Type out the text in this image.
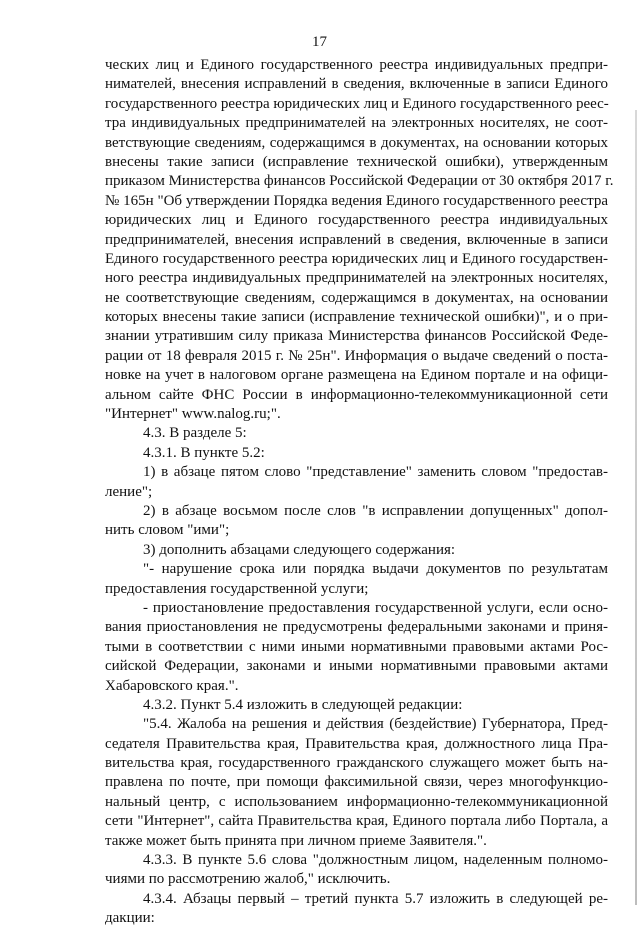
17
ческих лиц и Единого государственного реестра индивидуальных предпри-
нимателей, внесения исправлений в сведения, включенные в записи Единого
государственного реестра юридических лиц и Единого государственного реес-
тра индивидуальных предпринимателей на электронных носителях, не соот-
ветствующие сведениям, содержащимся в документах, на основании которых
внесены такие записи (исправление технической ошибки), утвержденным
приказом Министерства финансов Российской Федерации от 30 октября 2017 г.
№ 165н "Об утверждении Порядка ведения Единого государственного реестра
юридических лиц и Единого государственного реестра индивидуальных
предпринимателей, внесения исправлений в сведения, включенные в записи
Единого государственного реестра юридических лиц и Единого государствен-
ного реестра индивидуальных предпринимателей на электронных носителях,
не соответствующие сведениям, содержащимся в документах, на основании
которых внесены такие записи (исправление технической ошибки)", и о при-
знании утратившим силу приказа Министерства финансов Российской Феде-
рации от 18 февраля 2015 г. № 25н". Информация о выдаче сведений о поста-
новке на учет в налоговом органе размещена на Едином портале и на офици-
альном сайте ФНС России в информационно-телекоммуникационной сети
"Интернет" www.nalog.ru;".
4.3. В разделе 5:
4.3.1. В пункте 5.2:
1) в абзаце пятом слово "представление" заменить словом "предостав-
ление";
2) в абзаце восьмом после слов "в исправлении допущенных" допол-
нить словом "ими";
3) дополнить абзацами следующего содержания:
"- нарушение срока или порядка выдачи документов по результатам
предоставления государственной услуги;
- приостановление предоставления государственной услуги, если осно-
вания приостановления не предусмотрены федеральными законами и приня-
тыми в соответствии с ними иными нормативными правовыми актами Рос-
сийской Федерации, законами и иными нормативными правовыми актами
Хабаровского края.".
4.3.2. Пункт 5.4 изложить в следующей редакции:
"5.4. Жалоба на решения и действия (бездействие) Губернатора, Пред-
седателя Правительства края, Правительства края, должностного лица Пра-
вительства края, государственного гражданского служащего может быть на-
правлена по почте, при помощи факсимильной связи, через многофункцио-
нальный центр, с использованием информационно-телекоммуникационной
сети "Интернет", сайта Правительства края, Единого портала либо Портала, а
также может быть принята при личном приеме Заявителя.".
4.3.3. В пункте 5.6 слова "должностным лицом, наделенным полномо-
чиями по рассмотрению жалоб," исключить.
4.3.4. Абзацы первый – третий пункта 5.7 изложить в следующей ре-
дакции:
